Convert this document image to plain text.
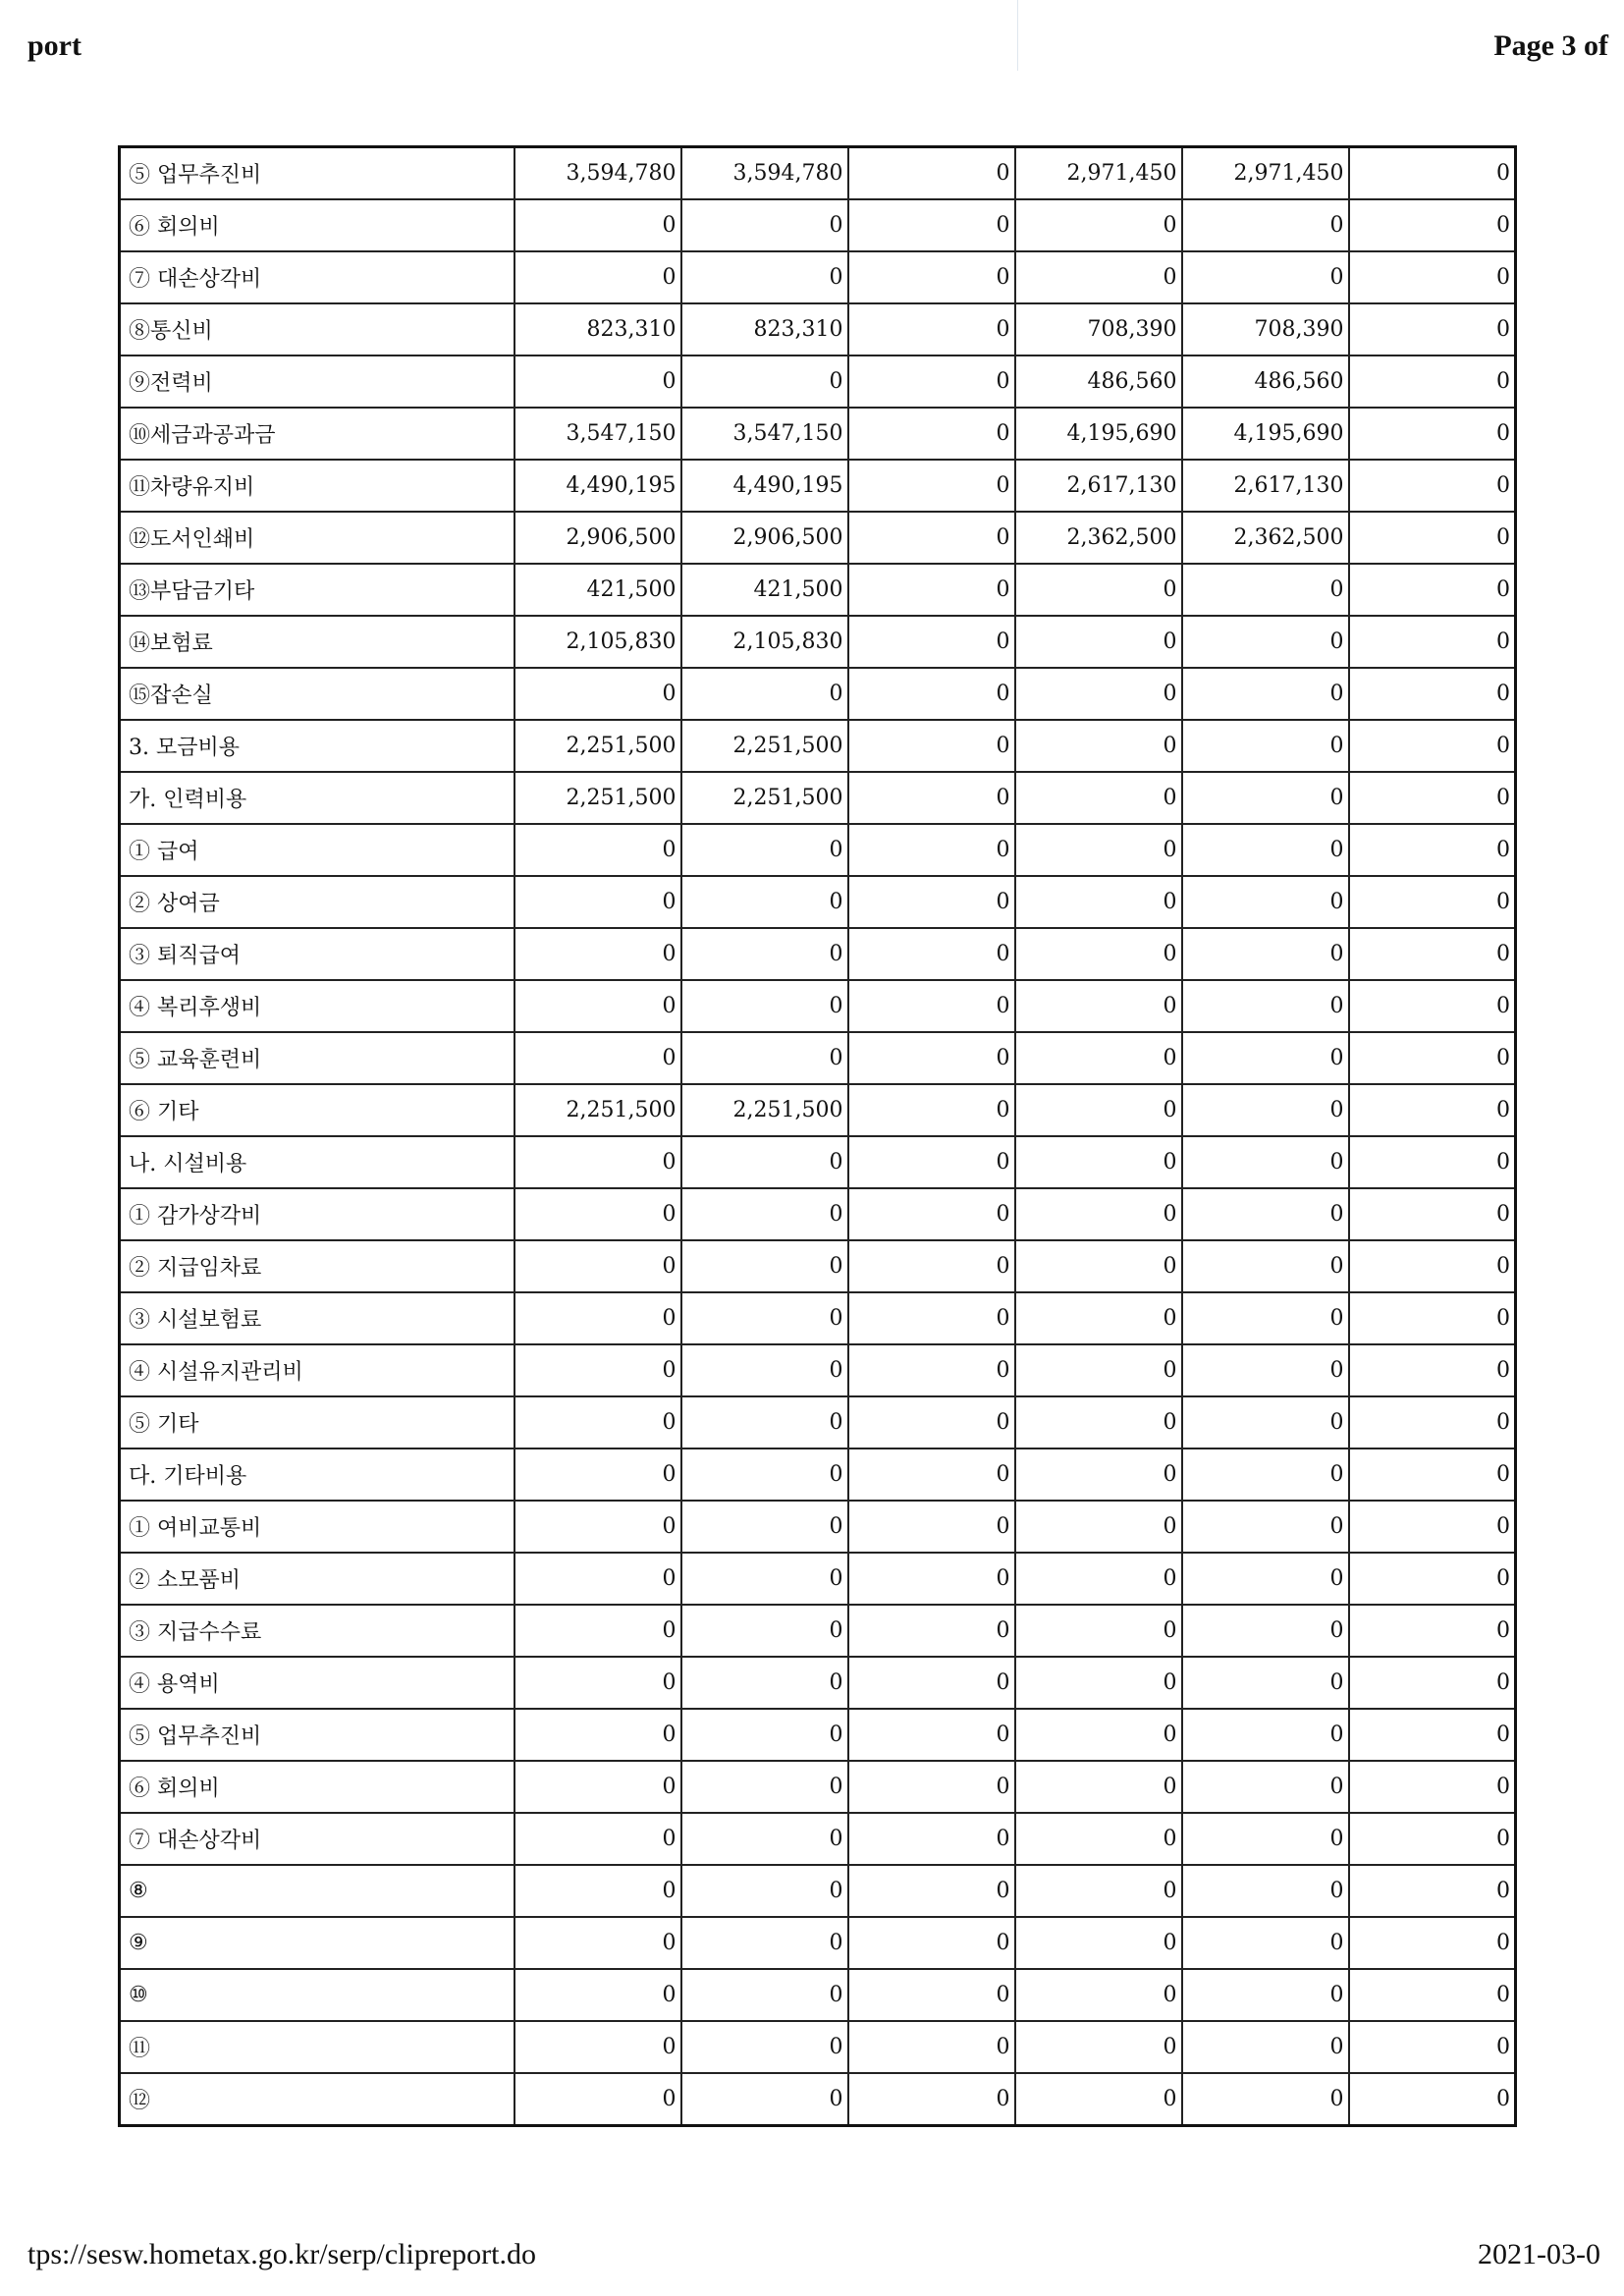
port	Page 3 of
⑤ 업무추진비	3,594,780	3,594,780	0	2,971,450	2,971,450	0
⑥ 회의비	0	0	0	0	0	0
⑦ 대손상각비	0	0	0	0	0	0
⑧통신비	823,310	823,310	0	708,390	708,390	0
⑨전력비	0	0	0	486,560	486,560	0
⑩세금과공과금	3,547,150	3,547,150	0	4,195,690	4,195,690	0
⑪차량유지비	4,490,195	4,490,195	0	2,617,130	2,617,130	0
⑫도서인쇄비	2,906,500	2,906,500	0	2,362,500	2,362,500	0
⑬부담금기타	421,500	421,500	0	0	0	0
⑭보험료	2,105,830	2,105,830	0	0	0	0
⑮잡손실	0	0	0	0	0	0
3. 모금비용	2,251,500	2,251,500	0	0	0	0
가. 인력비용	2,251,500	2,251,500	0	0	0	0
① 급여	0	0	0	0	0	0
② 상여금	0	0	0	0	0	0
③ 퇴직급여	0	0	0	0	0	0
④ 복리후생비	0	0	0	0	0	0
⑤ 교육훈련비	0	0	0	0	0	0
⑥ 기타	2,251,500	2,251,500	0	0	0	0
나. 시설비용	0	0	0	0	0	0
① 감가상각비	0	0	0	0	0	0
② 지급임차료	0	0	0	0	0	0
③ 시설보험료	0	0	0	0	0	0
④ 시설유지관리비	0	0	0	0	0	0
⑤ 기타	0	0	0	0	0	0
다. 기타비용	0	0	0	0	0	0
① 여비교통비	0	0	0	0	0	0
② 소모품비	0	0	0	0	0	0
③ 지급수수료	0	0	0	0	0	0
④ 용역비	0	0	0	0	0	0
⑤ 업무추진비	0	0	0	0	0	0
⑥ 회의비	0	0	0	0	0	0
⑦ 대손상각비	0	0	0	0	0	0
⑧	0	0	0	0	0	0
⑨	0	0	0	0	0	0
⑩	0	0	0	0	0	0
⑪	0	0	0	0	0	0
⑫	0	0	0	0	0	0
tps://sesw.hometax.go.kr/serp/clipreport.do	2021-03-0
